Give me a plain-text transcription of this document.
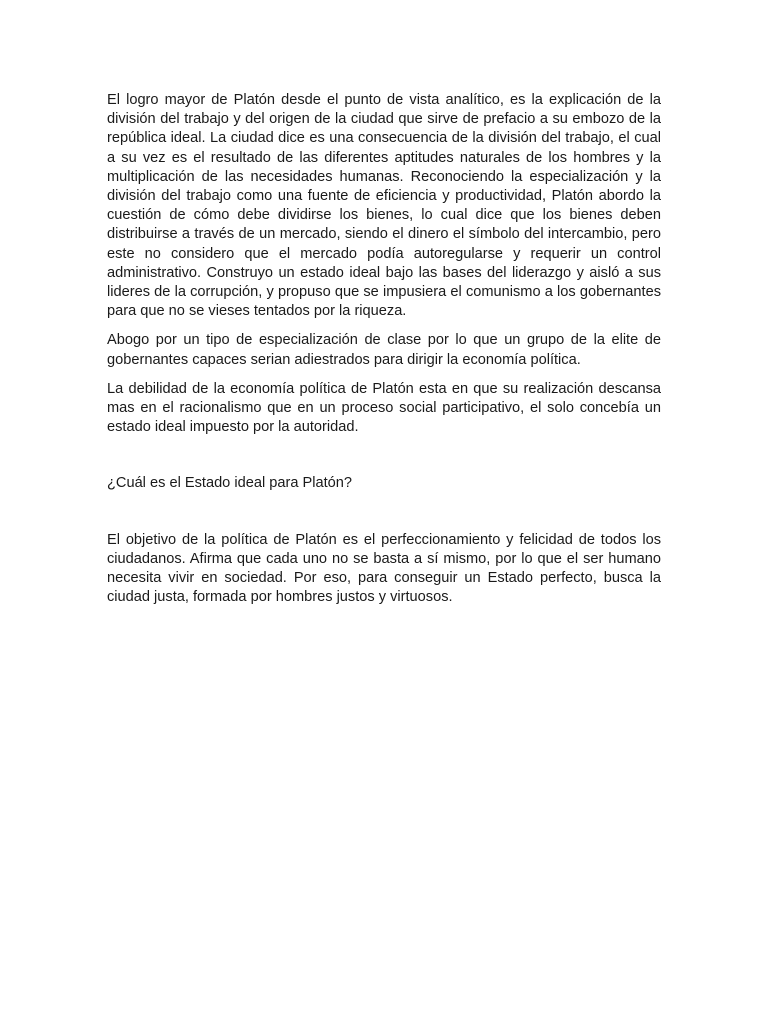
El logro mayor de Platón desde el punto de vista analítico, es la explicación de la división del trabajo y del origen de la ciudad que sirve de prefacio a su embozo de la república ideal. La ciudad dice es una consecuencia de la división del trabajo, el cual a su vez es el resultado de las diferentes aptitudes naturales de los hombres y la multiplicación de las necesidades humanas. Reconociendo la especialización y la división del trabajo como una fuente de eficiencia y productividad, Platón abordo la cuestión de cómo debe dividirse los bienes, lo cual dice que los bienes deben distribuirse a través de un mercado, siendo el dinero el símbolo del intercambio, pero este no considero que el mercado podía autoregularse y requerir un control administrativo. Construyo un estado ideal bajo las bases del liderazgo y aisló a sus lideres de la corrupción, y propuso que se impusiera el comunismo a los gobernantes para que no se vieses tentados por la riqueza.

Abogo por un tipo de especialización de clase por lo que un grupo de la elite de gobernantes capaces serian adiestrados para dirigir la economía política.

La debilidad de la economía política de Platón esta en que su realización descansa mas en el racionalismo que en un proceso social participativo, el solo concebía un estado ideal impuesto por la autoridad.

¿Cuál es el Estado ideal para Platón?

El objetivo de la política de Platón es el perfeccionamiento y felicidad de todos los ciudadanos. Afirma que cada uno no se basta a sí mismo, por lo que el ser humano necesita vivir en sociedad. Por eso, para conseguir un Estado perfecto, busca la ciudad justa, formada por hombres justos y virtuosos.
